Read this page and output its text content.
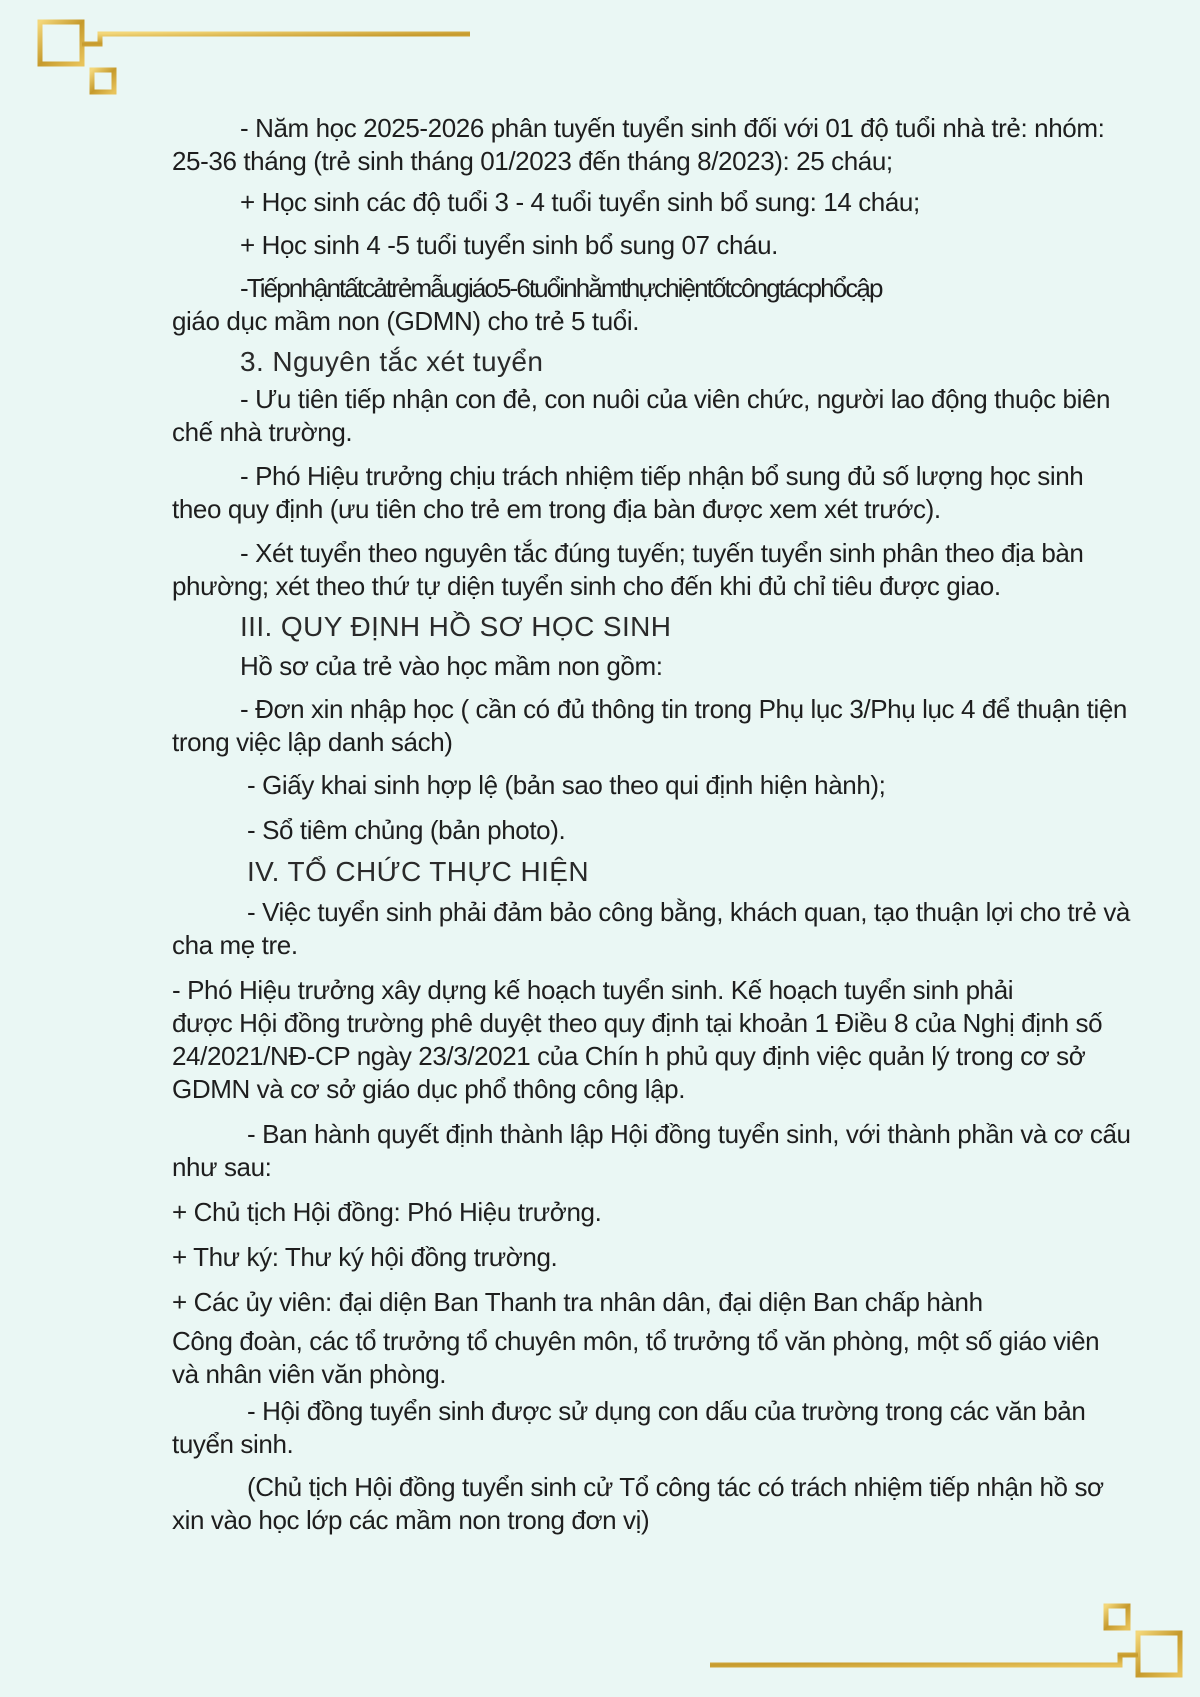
- Năm học 2025-2026 phân tuyến tuyển sinh đối với 01 độ tuổi nhà trẻ: nhóm: 25-36 tháng (trẻ sinh tháng 01/2023 đến tháng 8/2023): 25 cháu;

+ Học sinh các độ tuổi 3 - 4 tuổi tuyển sinh bổ sung: 14 cháu;

+ Học sinh 4 -5 tuổi tuyển sinh bổ sung 07 cháu.

-Tiếpnhậntấtcảtrẻmẫugiáo5-6tuổinhằmthựchiệntốtcôngtácphổcập

giáo dục mầm non (GDMN) cho trẻ 5 tuổi.

3. Nguyên tắc xét tuyển

- Ưu tiên tiếp nhận con đẻ, con nuôi của viên chức, người lao động thuộc biên chế nhà trường.

- Phó Hiệu trưởng chịu trách nhiệm tiếp nhận bổ sung đủ số lượng học sinh theo quy định (ưu tiên cho trẻ em trong địa bàn được xem xét trước).

- Xét tuyển theo nguyên tắc đúng tuyến; tuyến tuyển sinh phân theo địa bàn phường; xét theo thứ tự diện tuyển sinh cho đến khi đủ chỉ tiêu được giao.

III. QUY ĐỊNH HỒ SƠ HỌC SINH

Hồ sơ của trẻ vào học mầm non gồm:

- Đơn xin nhập học ( cần có đủ thông tin trong Phụ lục 3/Phụ lục 4 để thuận tiện trong việc lập danh sách)

- Giấy khai sinh hợp lệ (bản sao theo qui định hiện hành);

- Sổ tiêm chủng (bản photo).

IV. TỔ CHỨC THỰC HIỆN

- Việc tuyển sinh phải đảm bảo công bằng, khách quan, tạo thuận lợi cho trẻ và cha mẹ tre.

- Phó Hiệu trưởng xây dựng kế hoạch tuyển sinh. Kế hoạch tuyển sinh phải

được Hội đồng trường phê duyệt theo quy định tại khoản 1 Điều 8 của Nghị định số 24/2021/NĐ-CP ngày 23/3/2021 của Chín h phủ quy định việc quản lý trong cơ sở GDMN và cơ sở giáo dục phổ thông công lập.

- Ban hành quyết định thành lập Hội đồng tuyển sinh, với thành phần và cơ cấu như sau:

+ Chủ tịch Hội đồng: Phó Hiệu trưởng.

+ Thư ký: Thư ký hội đồng trường.

+ Các ủy viên: đại diện Ban Thanh tra nhân dân, đại diện Ban chấp hành

Công đoàn, các tổ trưởng tổ chuyên môn, tổ trưởng tổ văn phòng, một số giáo viên và nhân viên văn phòng.

- Hội đồng tuyển sinh được sử dụng con dấu của trường trong các văn bản tuyển sinh.

(Chủ tịch Hội đồng tuyển sinh cử Tổ công tác có trách nhiệm tiếp nhận hồ sơ xin vào học lớp các mầm non trong đơn vị)
